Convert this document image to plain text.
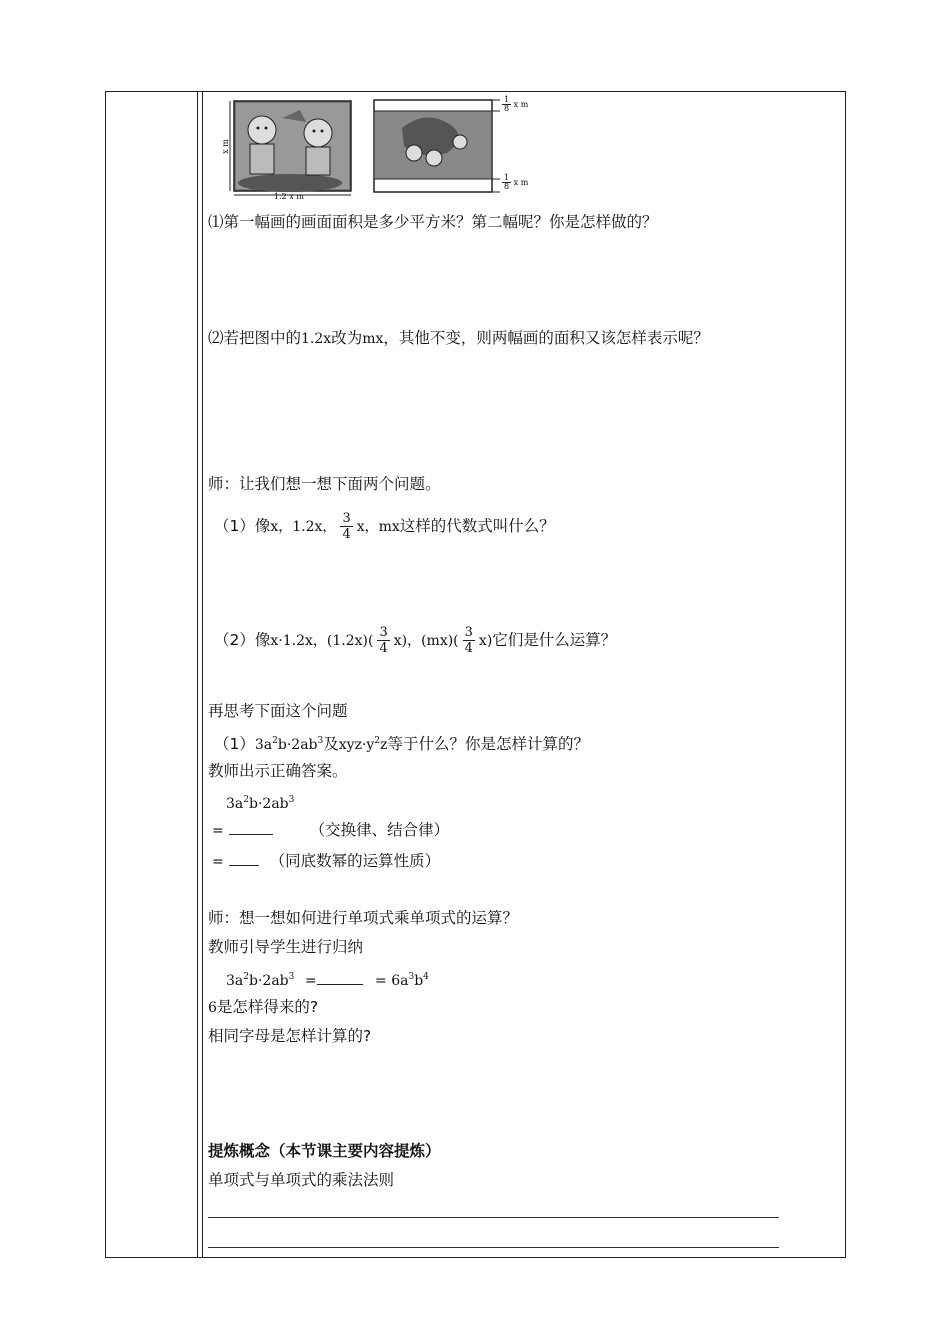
x m
1.2 x m
$\frac{1}{8}$ x m
$\frac{1}{8}$ x m
⑴第一幅画的画面面积是多少平方米？第二幅呢？你是怎样做的？
⑵若把图中的1.2x改为mx，其他不变，则两幅画的面积又该怎样表示呢？
师：让我们想一想下面两个问题。
（1）像x，1.2x， $\frac{3}{4}$ x，mx这样的代数式叫什么？
（2）像x·1.2x，$(1.2x)( \frac{3}{4} x)$，$(mx)( \frac{3}{4} x)$它们是什么运算？
再思考下面这个问题
$(1)3a^2b\cdot 2ab^3$及$xyz\cdot y^2z$等于什么？你是怎样计算的？
教师出示正确答案。
$3a^2b\cdot 2ab^3$
=	（交换律、结合律）
=	（同底数幂的运算性质）
师：想一想如何进行单项式乘单项式的运算？
教师引导学生进行归纳
$3a^2b\cdot 2ab^3$ =	= $6a^3b^4$
6是怎样得来的?
相同字母是怎样计算的?
提炼概念（本节课主要内容提炼）
单项式与单项式的乘法法则
